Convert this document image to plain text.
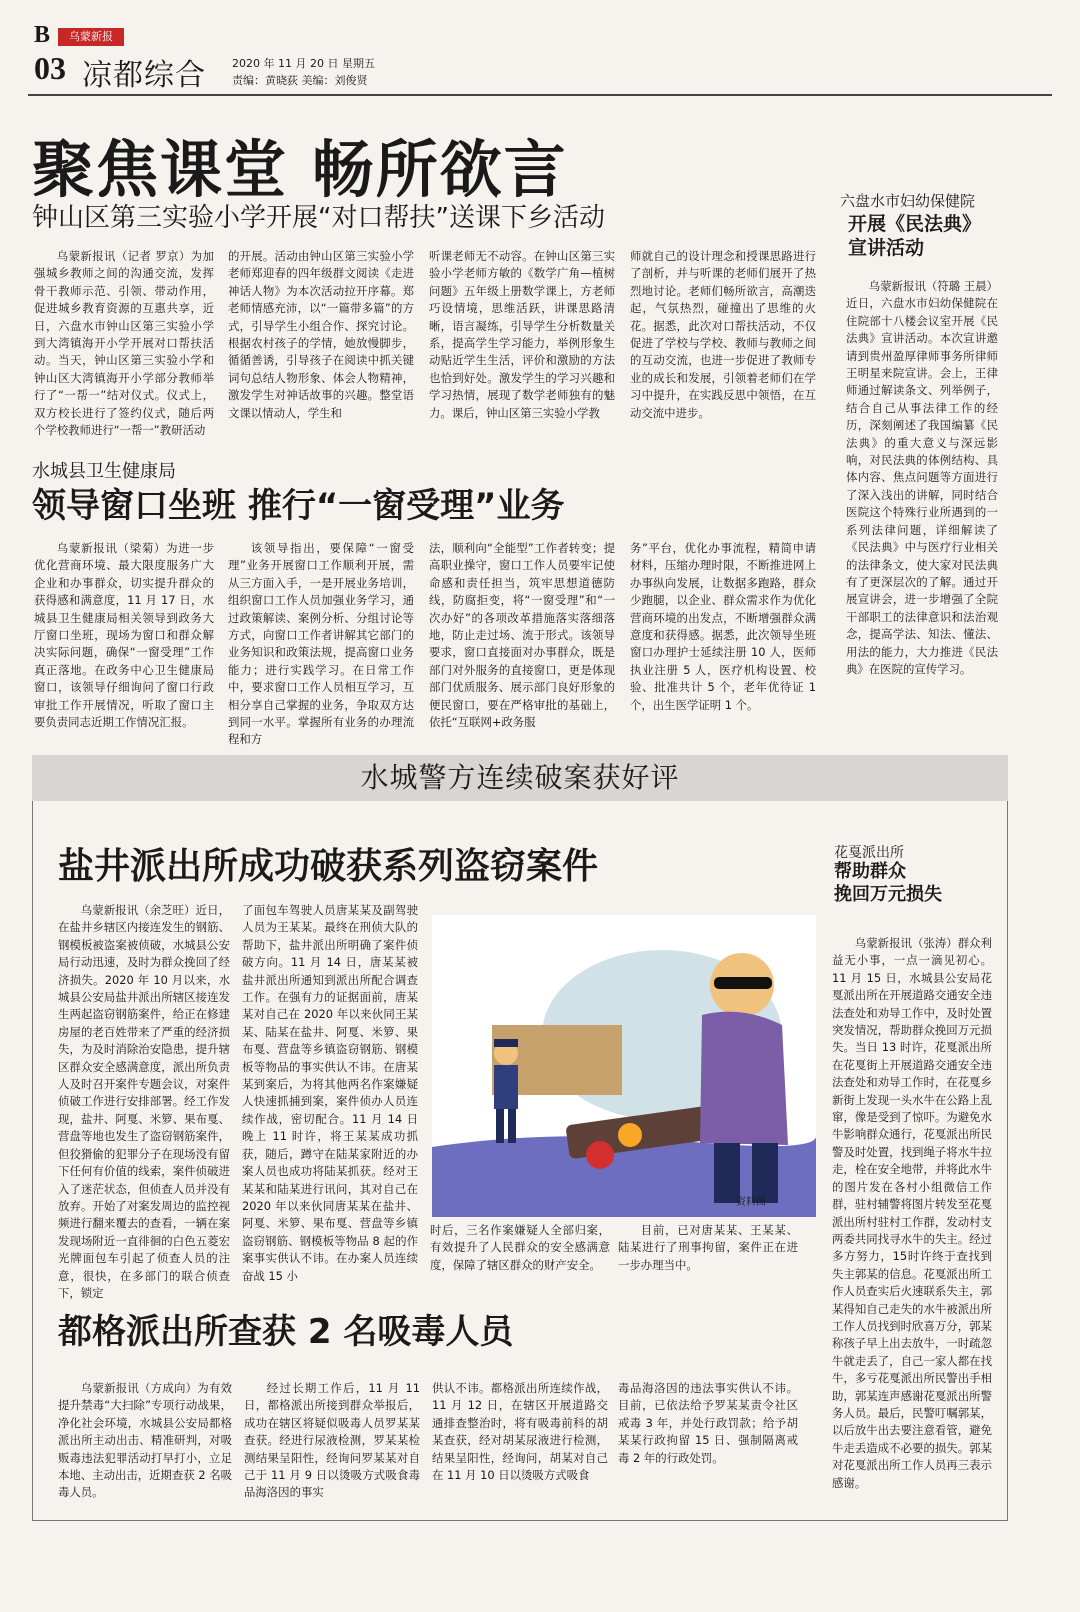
B	乌蒙新报
03 凉都综合 2020 年 11 月 20 日 星期五
责编：黄晓荻 美编：刘俊贤
聚焦课堂 畅所欲言
钟山区第三实验小学开展“对口帮扶”送课下乡活动
乌蒙新报讯（记者 罗京）为加强城乡教师之间的沟通交流，发挥骨干教师示范、引领、带动作用，促进城乡教育资源的互惠共享，近日，六盘水市钟山区第三实验小学到大湾镇海开小学开展对口帮扶活动。当天，钟山区第三实验小学和钟山区大湾镇海开小学部分教师举行了“一帮一”结对仪式。仪式上，双方校长进行了签约仪式，随后两个学校教师进行“一帮一”教研活动
的开展。活动由钟山区第三实验小学老师郑迎春的四年级群文阅读《走进神话人物》为本次活动拉开序幕。郑老师情感充沛，以“一篇带多篇”的方式，引导学生小组合作、探究讨论。根据农村孩子的学情，她放慢脚步，循循善诱，引导孩子在阅读中抓关键词句总结人物形象、体会人物精神，激发学生对神话故事的兴趣。整堂语文课以情动人，学生和
听课老师无不动容。在钟山区第三实验小学老师方敏的《数学广角—植树问题》五年级上册数学课上，方老师巧设情境，思维活跃，讲课思路清晰，语言凝练，引导学生分析数量关系，提高学生学习能力，举例形象生动贴近学生生活，评价和激励的方法也恰到好处。激发学生的学习兴趣和学习热情，展现了数学老师独有的魅力。课后，钟山区第三实验小学教
师就自己的设计理念和授课思路进行了剖析，并与听课的老师们展开了热烈地讨论。老师们畅所欲言，高潮迭起，气氛热烈，碰撞出了思维的火花。据悉，此次对口帮扶活动，不仅促进了学校与学校、教师与教师之间的互动交流，也进一步促进了教师专业的成长和发展，引领着老师们在学习中提升，在实践反思中领悟，在互动交流中进步。
六盘水市妇幼保健院
开展《民法典》
宣讲活动
乌蒙新报讯（符璐 王晨）近日，六盘水市妇幼保健院在住院部十八楼会议室开展《民法典》宣讲活动。本次宣讲邀请到贵州盈厚律师事务所律师王明星来院宣讲。会上，王律师通过解读条文、列举例子，结合自己从事法律工作的经历，深刻阐述了我国编纂《民法典》的重大意义与深远影响，对民法典的体例结构、具体内容、焦点问题等方面进行了深入浅出的讲解，同时结合医院这个特殊行业所遇到的一系列法律问题，详细解读了《民法典》中与医疗行业相关的法律条文，使大家对民法典有了更深层次的了解。通过开展宣讲会，进一步增强了全院干部职工的法律意识和法治观念，提高学法、知法、懂法、用法的能力，大力推进《民法典》在医院的宣传学习。
水城县卫生健康局
领导窗口坐班 推行“一窗受理”业务
乌蒙新报讯（梁菊）为进一步优化营商环境、最大限度服务广大企业和办事群众，切实提升群众的获得感和满意度，11 月 17 日，水城县卫生健康局相关领导到政务大厅窗口坐班，现场为窗口和群众解决实际问题，确保“一窗受理”工作真正落地。在政务中心卫生健康局窗口，该领导仔细询问了窗口行政审批工作开展情况，听取了窗口主要负责同志近期工作情况汇报。
该领导指出，要保障“一窗受理”业务开展窗口工作顺利开展，需从三方面入手，一是开展业务培训，组织窗口工作人员加强业务学习，通过政策解读、案例分析、分组讨论等方式，向窗口工作者讲解其它部门的业务知识和政策法规，提高窗口业务能力；进行实践学习。在日常工作中，要求窗口工作人员相互学习，互相分享自己掌握的业务，争取双方达到同一水平。掌握所有业务的办理流程和方
法，顺利向“全能型”工作者转变；提高职业操守，窗口工作人员要牢记使命感和责任担当，筑牢思想道德防线，防腐拒变，将“一窗受理”和“一次办好”的各项改革措施落实落细落地，防止走过场、流于形式。该领导要求，窗口直接面对办事群众，既是部门对外服务的直接窗口，更是体现部门优质服务、展示部门良好形象的便民窗口，要在严格审批的基础上，依托“互联网+政务服
务”平台，优化办事流程，精简申请材料，压缩办理时限，不断推进网上办事纵向发展，让数据多跑路，群众少跑腿，以企业、群众需求作为优化营商环境的出发点，不断增强群众满意度和获得感。据悉，此次领导坐班窗口办理护士延续注册 10 人，医师执业注册 5 人，医疗机构设置、校验、批准共计 5 个，老年优待证 1 个，出生医学证明 1 个。
水城警方连续破案获好评
盐井派出所成功破获系列盗窃案件
乌蒙新报讯（余芝旺）近日，在盐井乡辖区内接连发生的钢筋、钢模板被盗案被侦破，水城县公安局行动迅速，及时为群众挽回了经济损失。2020 年 10 月以来，水城县公安局盐井派出所辖区接连发生两起盗窃钢筋案件，给正在修建房屋的老百姓带来了严重的经济损失，为及时消除治安隐患，提升辖区群众安全感满意度，派出所负责人及时召开案件专题会议，对案件侦破工作进行安排部署。经工作发现，盐井、阿戛、米箩、果布戛、营盘等地也发生了盗窃钢筋案件，但狡猾偷的犯罪分子在现场没有留下任何有价值的线索，案件侦破进入了迷茫状态，但侦查人员并没有放弃。开始了对案发周边的监控视频进行翻来覆去的查看，一辆在案发现场附近一直徘徊的白色五菱宏光牌面包车引起了侦查人员的注意，很快，在多部门的联合侦查下，锁定
了面包车驾驶人员唐某某及副驾驶人员为王某某。最终在刑侦大队的帮助下，盐井派出所明确了案件侦破方向。11 月 14 日，唐某某被盐井派出所通知到派出所配合调查工作。在强有力的证据面前，唐某某对自己在 2020 年以来伙同王某某、陆某在盐井、阿戛、米箩、果布戛、营盘等乡镇盗窃钢筋、钢模板等物品的事实供认不讳。在唐某某到案后，为将其他两名作案嫌疑人快速抓捕到案，案件侦办人员连续作战，密切配合。11 月 14 日晚上 11 时许，将王某某成功抓获，随后，蹲守在陆某家附近的办案人员也成功将陆某抓获。经对王某某和陆某进行讯问，其对自己在 2020 年以来伙同唐某某在盐井、阿戛、米箩、果布戛、营盘等乡镇盗窃钢筋、钢模板等物品 8 起的作案事实供认不讳。在办案人员连续奋战 15 小
时后，三名作案嫌疑人全部归案，有效提升了人民群众的安全感满意度，保障了辖区群众的财产安全。
目前，已对唐某某、王某某、陆某进行了刑事拘留，案件正在进一步办理当中。
资料图
花戛派出所
帮助群众
挽回万元损失
乌蒙新报讯（张涛）群众利益无小事，一点一滴见初心。11 月 15 日，水城县公安局花戛派出所在开展道路交通安全违法查处和劝导工作中，及时处置突发情况，帮助群众挽回万元损失。当日 13 时许，花戛派出所在花戛街上开展道路交通安全违法查处和劝导工作时，在花戛乡新街上发现一头水牛在公路上乱窜，像是受到了惊吓。为避免水牛影响群众通行，花戛派出所民警及时处置，找到绳子将水牛拉走，栓在安全地带，并将此水牛的图片发在各村小组微信工作群，驻村辅警将图片转发至花戛派出所村驻村工作群，发动村支两委共同找寻水牛的失主。经过多方努力，15时许终于查找到失主郭某的信息。花戛派出所工作人员查实后火速联系失主，郭某得知自己走失的水牛被派出所工作人员找到时欣喜万分，郭某称孩子早上出去放牛，一时疏忽牛就走丢了，自己一家人都在找牛，多亏花戛派出所民警出手相助，郭某连声感谢花戛派出所警务人员。最后，民警叮嘱郭某，以后放牛出去要注意看管，避免牛走丢造成不必要的损失。郭某对花戛派出所工作人员再三表示感谢。
都格派出所查获 2 名吸毒人员
乌蒙新报讯（方成向）为有效提升禁毒“大扫除”专项行动战果，净化社会环境，水城县公安局都格派出所主动出击、精准研判，对吸贩毒违法犯罪活动打早打小，立足本地、主动出击，近期查获 2 名吸毒人员。
经过长期工作后，11 月 11 日，都格派出所接到群众举报后，成功在辖区将疑似吸毒人员罗某某查获。经进行尿液检测，罗某某检测结果呈阳性，经询问罗某某对自己于 11 月 9 日以烫吸方式吸食毒品海洛因的事实
供认不讳。都格派出所连续作战，11 月 12 日，在辖区开展道路交通排查整治时，将有吸毒前科的胡某查获，经对胡某尿液进行检测，结果呈阳性，经询问，胡某对自己在 11 月 10 日以烫吸方式吸食
毒品海洛因的违法事实供认不讳。目前，已依法给予罗某某责令社区戒毒 3 年，并处行政罚款；给予胡某某行政拘留 15 日、强制隔离戒毒 2 年的行政处罚。
